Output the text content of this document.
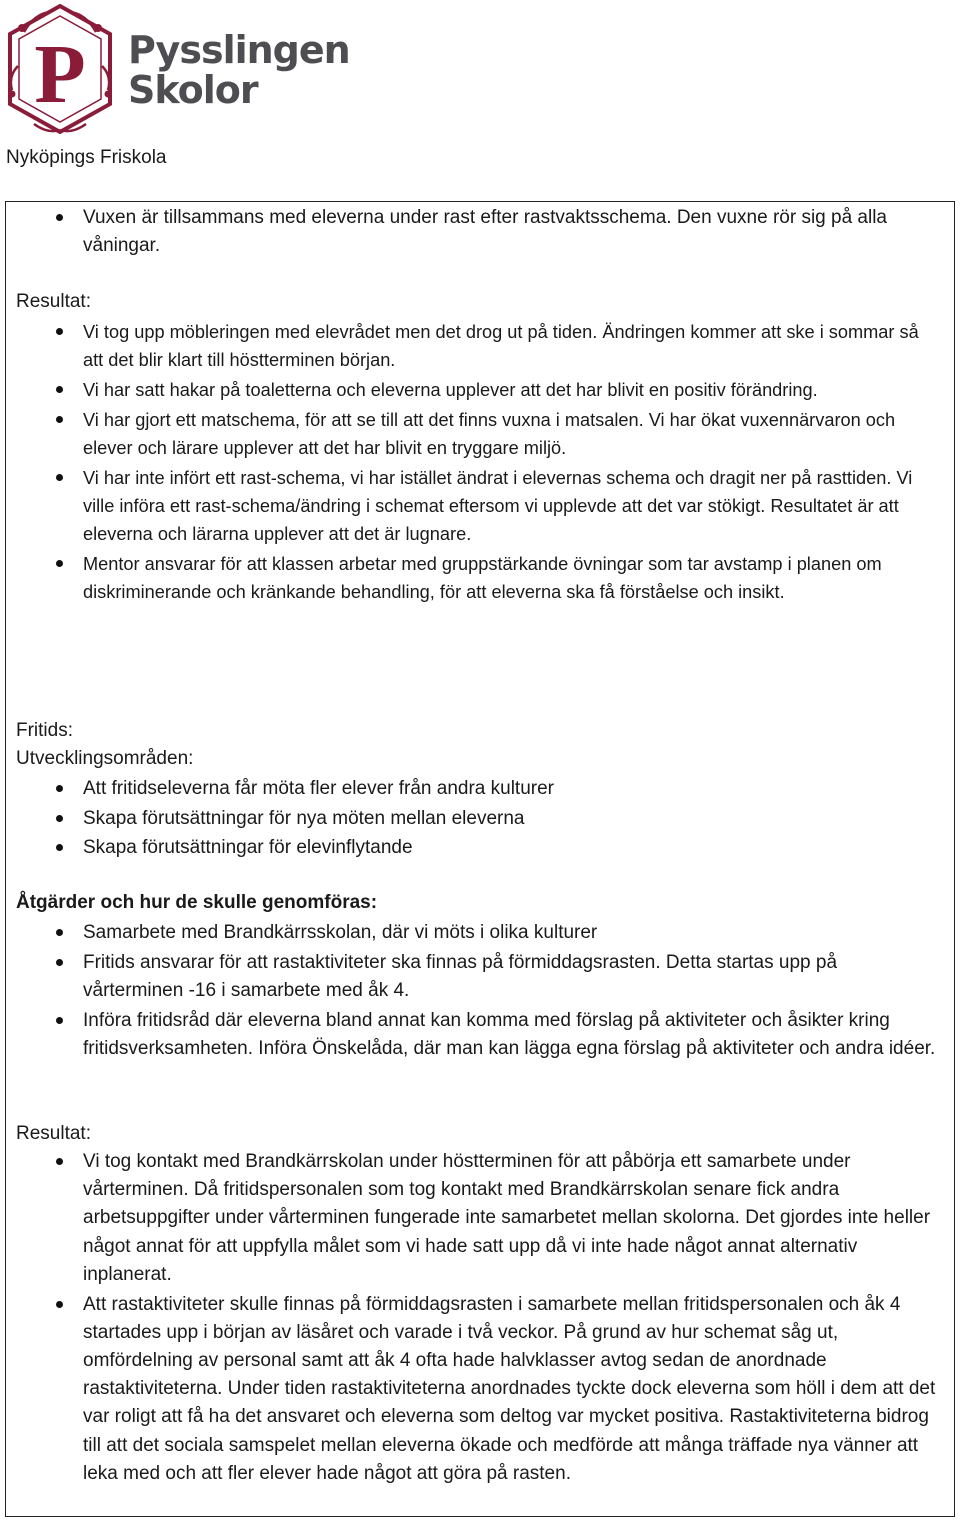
P Pysslingen
Skolor
Nyköpings Friskola
Vuxen är tillsammans med eleverna under rast efter rastvaktsschema. Den vuxne rör sig på alla våningar.
Resultat:
Vi tog upp möbleringen med elevrådet men det drog ut på tiden. Ändringen kommer att ske i sommar så att det blir klart till höstterminen början.
Vi har satt hakar på toaletterna och eleverna upplever att det har blivit en positiv förändring.
Vi har gjort ett matschema, för att se till att det finns vuxna i matsalen. Vi har ökat vuxennärvaron och elever och lärare upplever att det har blivit en tryggare miljö.
Vi har inte infört ett rast-schema, vi har istället ändrat i elevernas schema och dragit ner på rasttiden. Vi ville införa ett rast-schema/ändring i schemat eftersom vi upplevde att det var stökigt. Resultatet är att eleverna och lärarna upplever att det är lugnare.
Mentor ansvarar för att klassen arbetar med gruppstärkande övningar som tar avstamp i planen om diskriminerande och kränkande behandling, för att eleverna ska få förståelse och insikt.
Fritids:
Utvecklingsområden:
Att fritidseleverna får möta fler elever från andra kulturer
Skapa förutsättningar för nya möten mellan eleverna
Skapa förutsättningar för elevinflytande
Åtgärder och hur de skulle genomföras:
Samarbete med Brandkärrsskolan, där vi möts i olika kulturer
Fritids ansvarar för att rastaktiviteter ska finnas på förmiddagsrasten. Detta startas upp på vårterminen -16 i samarbete med åk 4.
Införa fritidsråd där eleverna bland annat kan komma med förslag på aktiviteter och åsikter kring fritidsverksamheten. Införa Önskelåda, där man kan lägga egna förslag på aktiviteter och andra idéer.
Resultat:
Vi tog kontakt med Brandkärrskolan under höstterminen för att påbörja ett samarbete under vårterminen. Då fritidspersonalen som tog kontakt med Brandkärrskolan senare fick andra arbetsuppgifter under vårterminen fungerade inte samarbetet mellan skolorna. Det gjordes inte heller något annat för att uppfylla målet som vi hade satt upp då vi inte hade något annat alternativ inplanerat.
Att rastaktiviteter skulle finnas på förmiddagsrasten i samarbete mellan fritidspersonalen och åk 4 startades upp i början av läsåret och varade i två veckor. På grund av hur schemat såg ut, omfördelning av personal samt att åk 4 ofta hade halvklasser avtog sedan de anordnade rastaktiviteterna. Under tiden rastaktiviteterna anordnades tyckte dock eleverna som höll i dem att det var roligt att få ha det ansvaret och eleverna som deltog var mycket positiva. Rastaktiviteterna bidrog till att det sociala samspelet mellan eleverna ökade och medförde att många träffade nya vänner att leka med och att fler elever hade något att göra på rasten.
